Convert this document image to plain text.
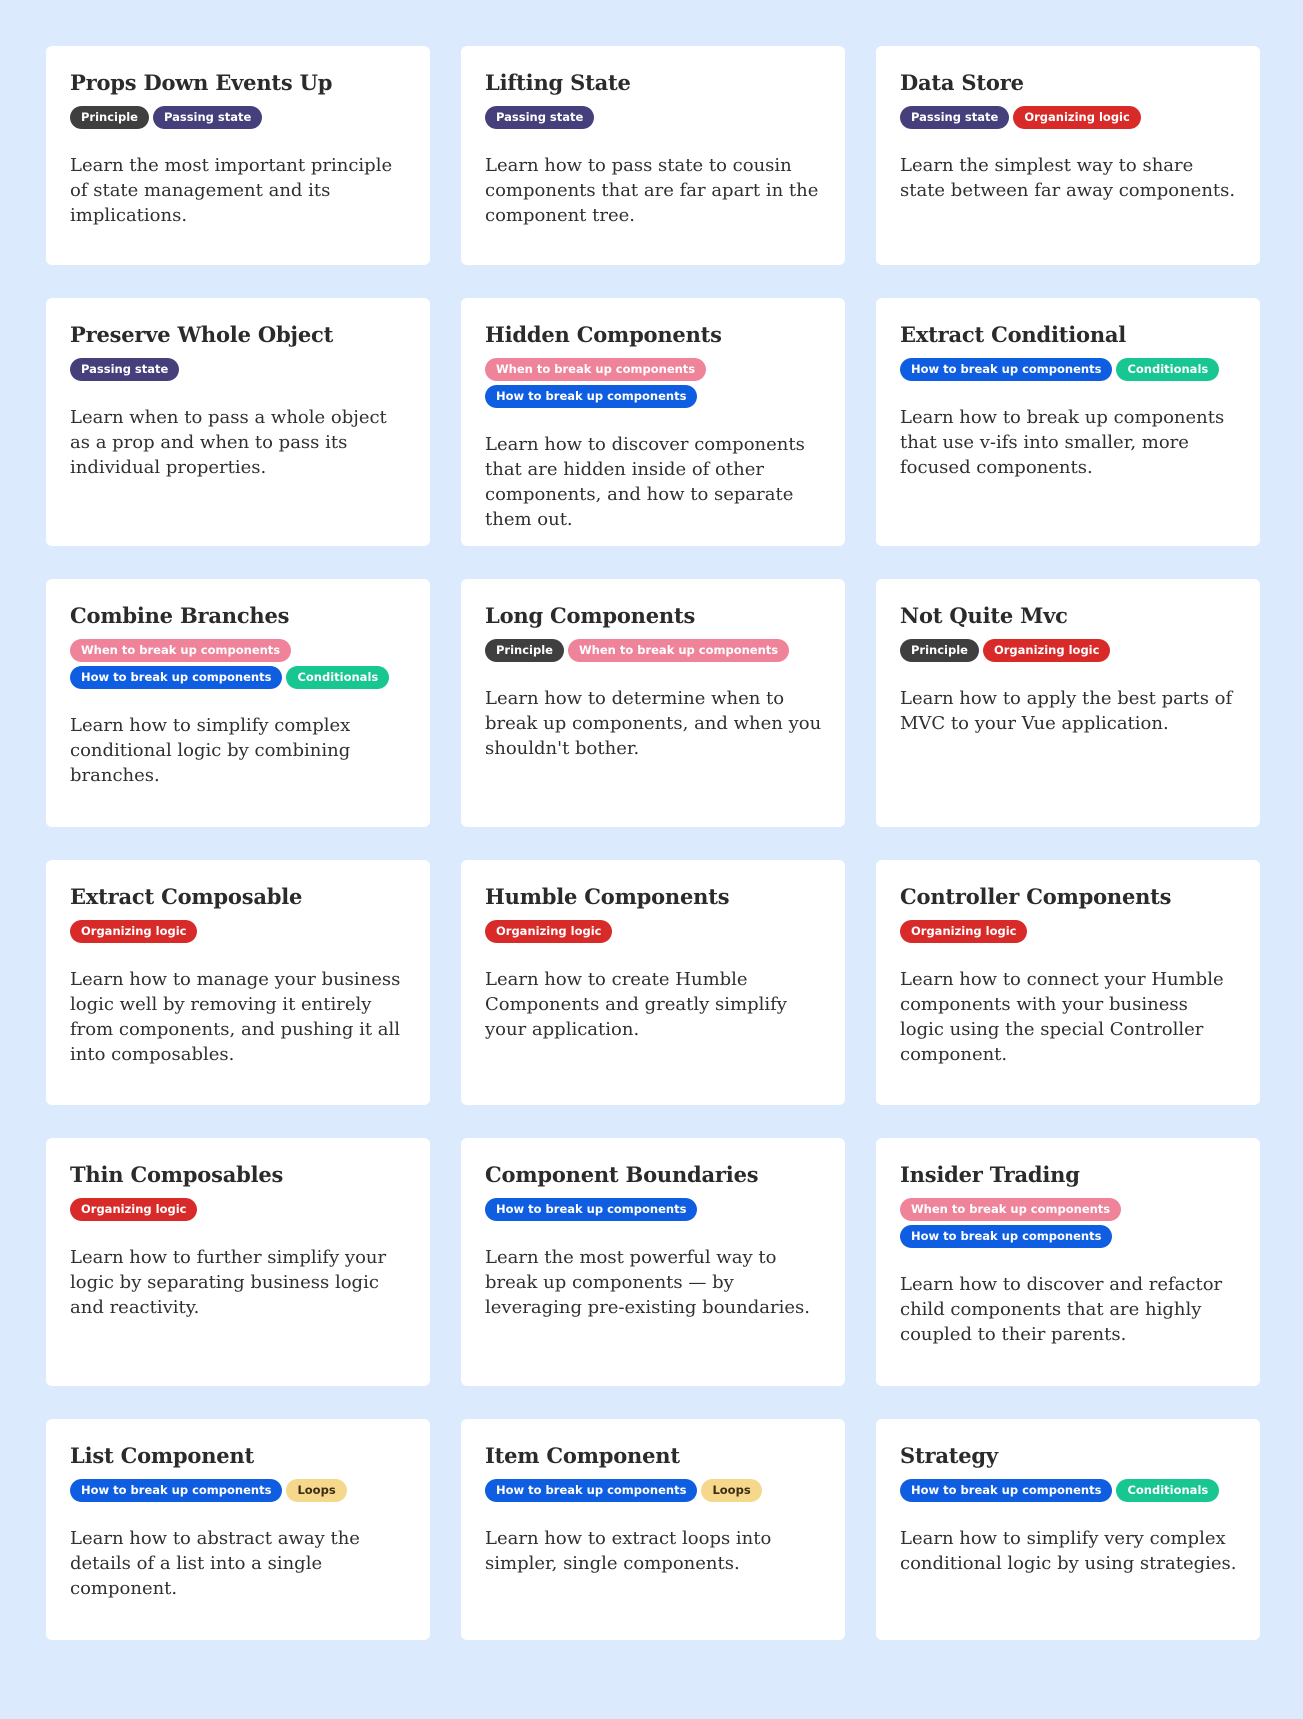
Props Down Events Up
Principle	Passing state

Learn the most important principle of state management and its implications.

Lifting State
Passing state

Learn how to pass state to cousin components that are far apart in the component tree.

Data Store
Passing state	Organizing logic

Learn the simplest way to share state between far away components.

Preserve Whole Object
Passing state

Learn when to pass a whole object as a prop and when to pass its individual properties.

Hidden Components
When to break up components
How to break up components

Learn how to discover components that are hidden inside of other components, and how to separate them out.

Extract Conditional
How to break up components	Conditionals

Learn how to break up components that use v-ifs into smaller, more focused components.

Combine Branches
When to break up components
How to break up components	Conditionals

Learn how to simplify complex conditional logic by combining branches.

Long Components
Principle	When to break up components

Learn how to determine when to break up components, and when you shouldn't bother.

Not Quite Mvc
Principle	Organizing logic

Learn how to apply the best parts of MVC to your Vue application.

Extract Composable
Organizing logic

Learn how to manage your business logic well by removing it entirely from components, and pushing it all into composables.

Humble Components
Organizing logic

Learn how to create Humble Components and greatly simplify your application.

Controller Components
Organizing logic

Learn how to connect your Humble components with your business logic using the special Controller component.

Thin Composables
Organizing logic

Learn how to further simplify your logic by separating business logic and reactivity.

Component Boundaries
How to break up components

Learn the most powerful way to break up components — by leveraging pre-existing boundaries.

Insider Trading
When to break up components
How to break up components

Learn how to discover and refactor child components that are highly coupled to their parents.

List Component
How to break up components	Loops

Learn how to abstract away the details of a list into a single component.

Item Component
How to break up components	Loops

Learn how to extract loops into simpler, single components.

Strategy
How to break up components	Conditionals

Learn how to simplify very complex conditional logic by using strategies.
